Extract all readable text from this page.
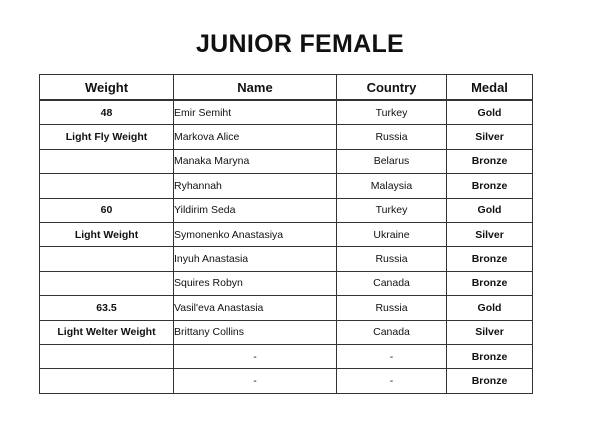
JUNIOR FEMALE
Weight	Name	Country	Medal
48	Emir Semiht	Turkey	Gold
Light Fly Weight	Markova Alice	Russia	Silver
	Manaka Maryna	Belarus	Bronze
	Ryhannah	Malaysia	Bronze
60	Yildirim Seda	Turkey	Gold
Light Weight	Symonenko Anastasiya	Ukraine	Silver
	Inyuh Anastasia	Russia	Bronze
	Squires Robyn	Canada	Bronze
63.5	Vasil'eva Anastasia	Russia	Gold
Light Welter Weight	Brittany Collins	Canada	Silver
	-	-	Bronze
	-	-	Bronze
